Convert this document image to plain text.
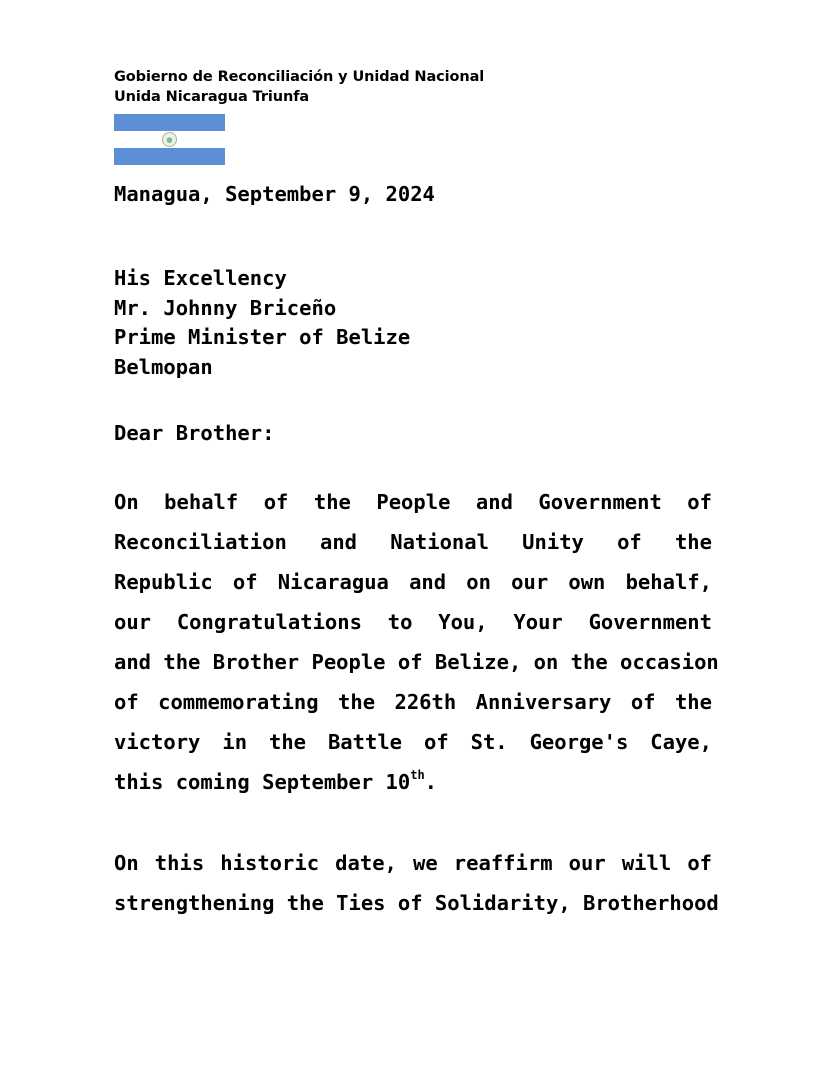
Gobierno de Reconciliación y Unidad Nacional
Unida Nicaragua Triunfa

Managua, September 9, 2024

His Excellency
Mr. Johnny Briceño
Prime Minister of Belize
Belmopan

Dear Brother:

On behalf of the People and Government of
Reconciliation and National Unity of the
Republic of Nicaragua and on our own behalf,
our Congratulations to You, Your Government
and the Brother People of Belize, on the occasion
of commemorating the 226th Anniversary of the
victory in the Battle of St. George's Caye,
this coming September 10th.
On this historic date, we reaffirm our will of
strengthening the Ties of Solidarity, Brotherhood
